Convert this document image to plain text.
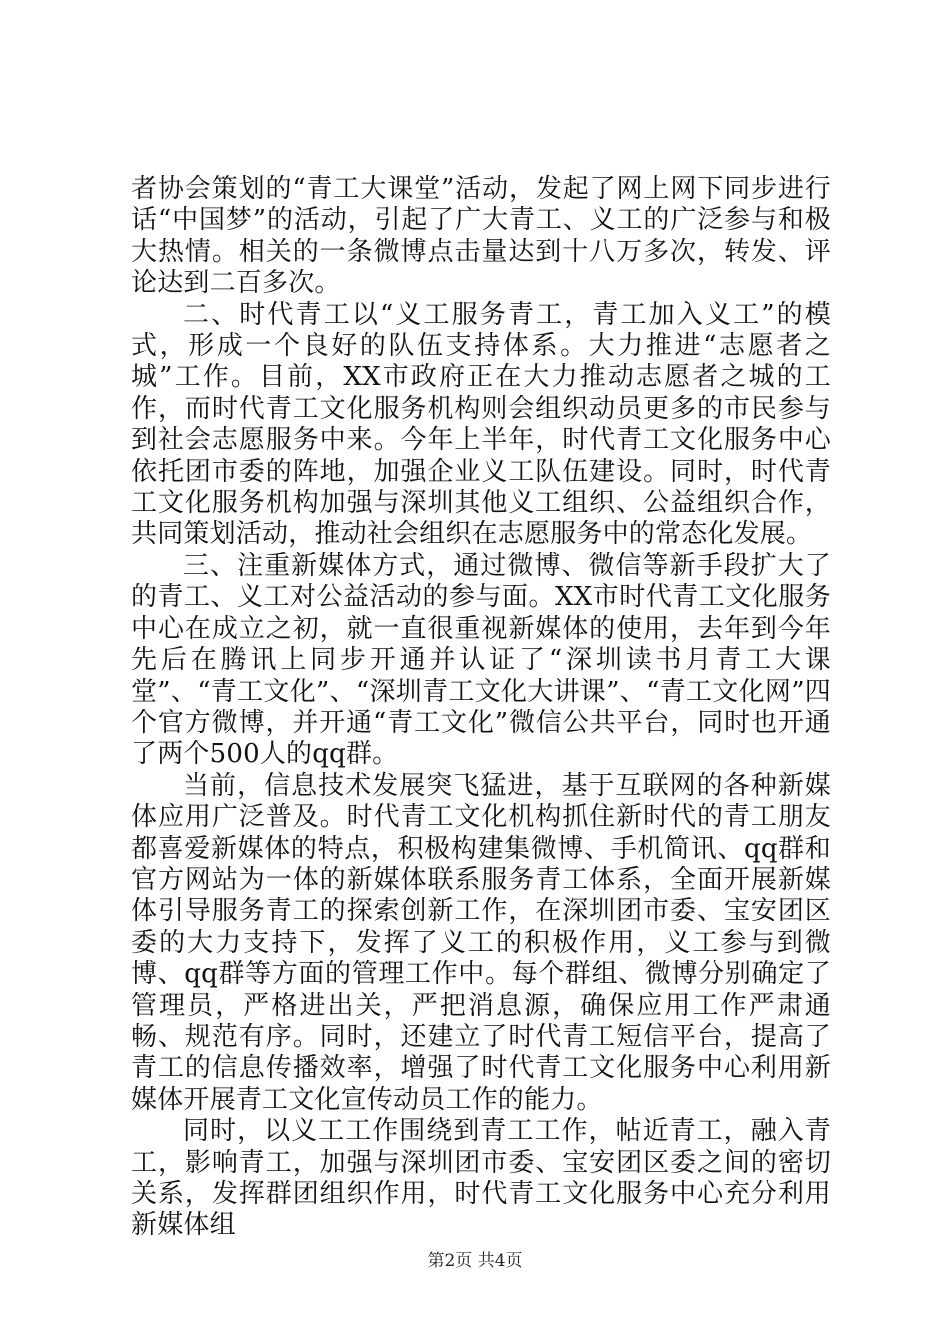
者协会策划的“青工大课堂”活动，发起了网上网下同步进行话“中国梦”的活动，引起了广大青工、义工的广泛参与和极大热情。相关的一条微博点击量达到十八万多次，转发、评论达到二百多次。

二、时代青工以“义工服务青工，青工加入义工”的模式，形成一个良好的队伍支持体系。大力推进“志愿者之城”工作。目前，XX市政府正在大力推动志愿者之城的工作，而时代青工文化服务机构则会组织动员更多的市民参与到社会志愿服务中来。今年上半年，时代青工文化服务中心依托团市委的阵地，加强企业义工队伍建设。同时，时代青工文化服务机构加强与深圳其他义工组织、公益组织合作，共同策划活动，推动社会组织在志愿服务中的常态化发展。

三、注重新媒体方式，通过微博、微信等新手段扩大了的青工、义工对公益活动的参与面。XX市时代青工文化服务中心在成立之初，就一直很重视新媒体的使用，去年到今年先后在腾讯上同步开通并认证了“深圳读书月青工大课堂”、“青工文化”、“深圳青工文化大讲课”、“青工文化网”四个官方微博，并开通“青工文化”微信公共平台，同时也开通了两个500人的qq群。

当前，信息技术发展突飞猛进，基于互联网的各种新媒体应用广泛普及。时代青工文化机构抓住新时代的青工朋友都喜爱新媒体的特点，积极构建集微博、手机简讯、qq群和官方网站为一体的新媒体联系服务青工体系，全面开展新媒体引导服务青工的探索创新工作，在深圳团市委、宝安团区委的大力支持下，发挥了义工的积极作用，义工参与到微博、qq群等方面的管理工作中。每个群组、微博分别确定了管理员，严格进出关，严把消息源，确保应用工作严肃通畅、规范有序。同时，还建立了时代青工短信平台，提高了青工的信息传播效率，增强了时代青工文化服务中心利用新媒体开展青工文化宣传动员工作的能力。

同时，以义工工作围绕到青工工作，帖近青工，融入青工，影响青工，加强与深圳团市委、宝安团区委之间的密切关系，发挥群团组织作用，时代青工文化服务中心充分利用新媒体组

第2页 共4页
